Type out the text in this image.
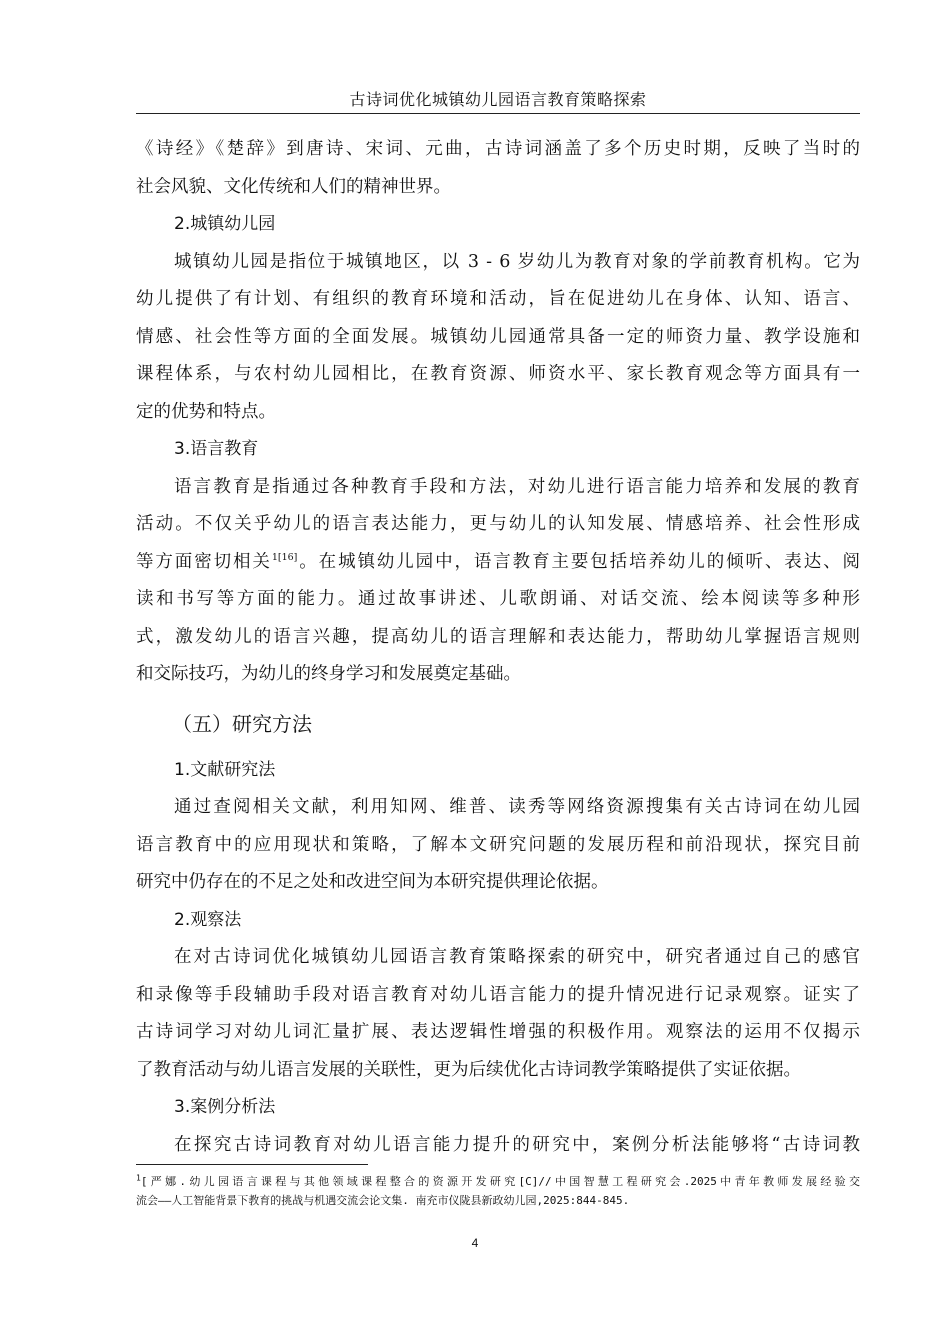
古诗词优化城镇幼儿园语言教育策略探索
《诗经》《楚辞》到唐诗、宋词、元曲，古诗词涵盖了多个历史时期，反映了当时的
社会风貌、文化传统和人们的精神世界。
2.城镇幼儿园
城镇幼儿园是指位于城镇地区，以 3 - 6 岁幼儿为教育对象的学前教育机构。它为
幼儿提供了有计划、有组织的教育环境和活动，旨在促进幼儿在身体、认知、语言、
情感、社会性等方面的全面发展。城镇幼儿园通常具备一定的师资力量、教学设施和
课程体系，与农村幼儿园相比，在教育资源、师资水平、家长教育观念等方面具有一
定的优势和特点。
3.语言教育
语言教育是指通过各种教育手段和方法，对幼儿进行语言能力培养和发展的教育
活动。不仅关乎幼儿的语言表达能力，更与幼儿的认知发展、情感培养、社会性形成
等方面密切相关$^{1[16]}$。在城镇幼儿园中，语言教育主要包括培养幼儿的倾听、表达、阅
读和书写等方面的能力。通过故事讲述、儿歌朗诵、对话交流、绘本阅读等多种形
式，激发幼儿的语言兴趣，提高幼儿的语言理解和表达能力，帮助幼儿掌握语言规则
和交际技巧，为幼儿的终身学习和发展奠定基础。
（五）研究方法
1.文献研究法
通过查阅相关文献，利用知网、维普、读秀等网络资源搜集有关古诗词在幼儿园
语言教育中的应用现状和策略，了解本文研究问题的发展历程和前沿现状，探究目前
研究中仍存在的不足之处和改进空间为本研究提供理论依据。
2.观察法
在对古诗词优化城镇幼儿园语言教育策略探索的研究中，研究者通过自己的感官
和录像等手段辅助手段对语言教育对幼儿语言能力的提升情况进行记录观察。证实了
古诗词学习对幼儿词汇量扩展、表达逻辑性增强的积极作用。观察法的运用不仅揭示
了教育活动与幼儿语言发展的关联性，更为后续优化古诗词教学策略提供了实证依据。
3.案例分析法
在探究古诗词教育对幼儿语言能力提升的研究中，案例分析法能够将“古诗词教
$^1$[严娜.幼儿园语言课程与其他领域课程整合的资源开发研究[C]//中国智慧工程研究会.2025中青年教师发展经验交
流会——人工智能背景下教育的挑战与机遇交流会论文集. 南充市仪陇县新政幼儿园,2025:844-845.
4
